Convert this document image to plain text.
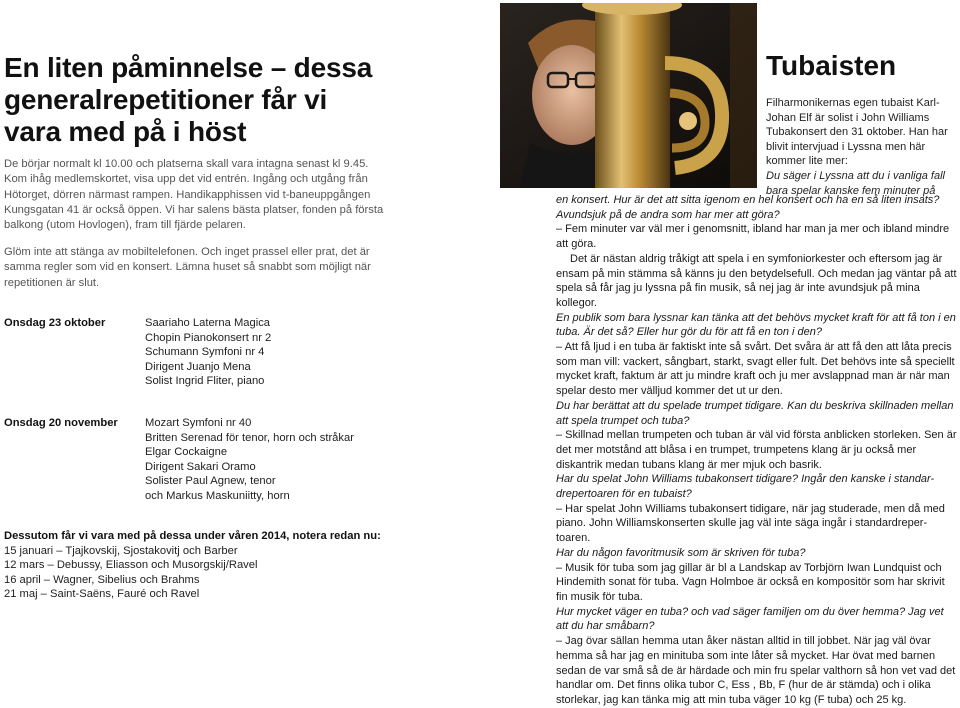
En liten påminnelse – dessa
generalrepetitioner får vi
vara med på i höst
De börjar normalt kl 10.00 och platserna skall vara intagna senast kl 9.45.
Kom ihåg medlemskortet, visa upp det vid entrén. Ingång och utgång från
Hötorget, dörren närmast rampen. Handikapphissen vid t-baneuppgången
Kungsgatan 41 är också öppen. Vi har salens bästa platser, fonden på första
balkong (utom Hovlogen), fram till fjärde pelaren.
Glöm inte att stänga av mobiltelefonen. Och inget prassel eller prat, det är
samma regler som vid en konsert. Lämna huset så snabbt som möjligt när
repetitionen är slut.
Onsdag 23 oktober	Saariaho Laterna Magica
Chopin Pianokonsert nr 2
Schumann Symfoni nr 4
Dirigent Juanjo Mena
Solist Ingrid Fliter, piano
Onsdag 20 november Mozart Symfoni nr 40
Britten Serenad för tenor, horn och stråkar
Elgar Cockaigne
Dirigent Sakari Oramo
Solister Paul Agnew, tenor
och Markus Maskuniitty, horn
Dessutom får vi vara med på dessa under våren 2014, notera redan nu:
15 januari – Tjajkovskij, Sjostakovitj och Barber
12 mars – Debussy, Eliasson och Musorgskij/Ravel
16 april – Wagner, Sibelius och Brahms
21 maj – Saint-Saëns, Fauré och Ravel
Tubaisten
Filharmonikernas egen tubaist Karl-
Johan Elf är solist i John Williams
Tubakonsert den 31 oktober. Han har
blivit intervjuad i Lyssna men här
kommer lite mer:
Du säger i Lyssna att du i vanliga fall
bara spelar kanske fem minuter på

en konsert. Hur är det att sitta igenom en hel konsert och ha en så liten insats? Avundsjuk på de andra som har mer att göra?

– Fem minuter var väl mer i genomsnitt, ibland har man ja mer och ibland mindre att göra.

Det är nästan aldrig tråkigt att spela i en symfoniorkester och eftersom jag är ensam på min stämma så känns ju den betydelsefull. Och medan jag väntar på att spela så får jag ju lyssna på fin musik, så nej jag är inte avundsjuk på mina kollegor.

En publik som bara lyssnar kan tänka att det behövs mycket kraft för att få ton i en tuba. Är det så? Eller hur gör du för att få en ton i den?

– Att få ljud i en tuba är faktiskt inte så svårt. Det svåra är att få den att låta precis som man vill: vackert, sångbart, starkt, svagt eller fult. Det behövs inte så speciellt mycket kraft, faktum är att ju mindre kraft och ju mer avslappnad man är när man spelar desto mer välljud kommer det ut ur den.

Du har berättat att du spelade trumpet tidigare. Kan du beskriva skillnaden mellan att spela trumpet och tuba?

– Skillnad mellan trumpeten och tuban är väl vid första anblicken storleken. Sen är det mer motstånd att blåsa i en trumpet, trumpetens klang är ju också mer diskantrik medan tubans klang är mer mjuk och basrik.

Har du spelat John Williams tubakonsert tidigare? Ingår den kanske i standar-drepertoaren för en tubaist?

– Har spelat John Williams tubakonsert tidigare, när jag studerade, men då med piano. John Williamskonserten skulle jag väl inte säga ingår i standardreper-toaren.

Har du någon favoritmusik som är skriven för tuba?

– Musik för tuba som jag gillar är bl a Landskap av Torbjörn Iwan Lundquist och Hindemith sonat för tuba. Vagn Holmboe är också en kompositör som har skrivit fin musik för tuba.

Hur mycket väger en tuba? och vad säger familjen om du över hemma? Jag vet att du har småbarn?

– Jag övar sällan hemma utan åker nästan alltid in till jobbet. När jag väl övar hemma så har jag en minituba som inte låter så mycket. Har övat med barnen sedan de var små så de är härdade och min fru spelar valthorn så hon vet vad det handlar om. Det finns olika tubor C, Ess , Bb, F (hur de är stämda) och i olika storlekar, jag kan tänka mig att min tuba väger 10 kg (F tuba) och 25 kg.
